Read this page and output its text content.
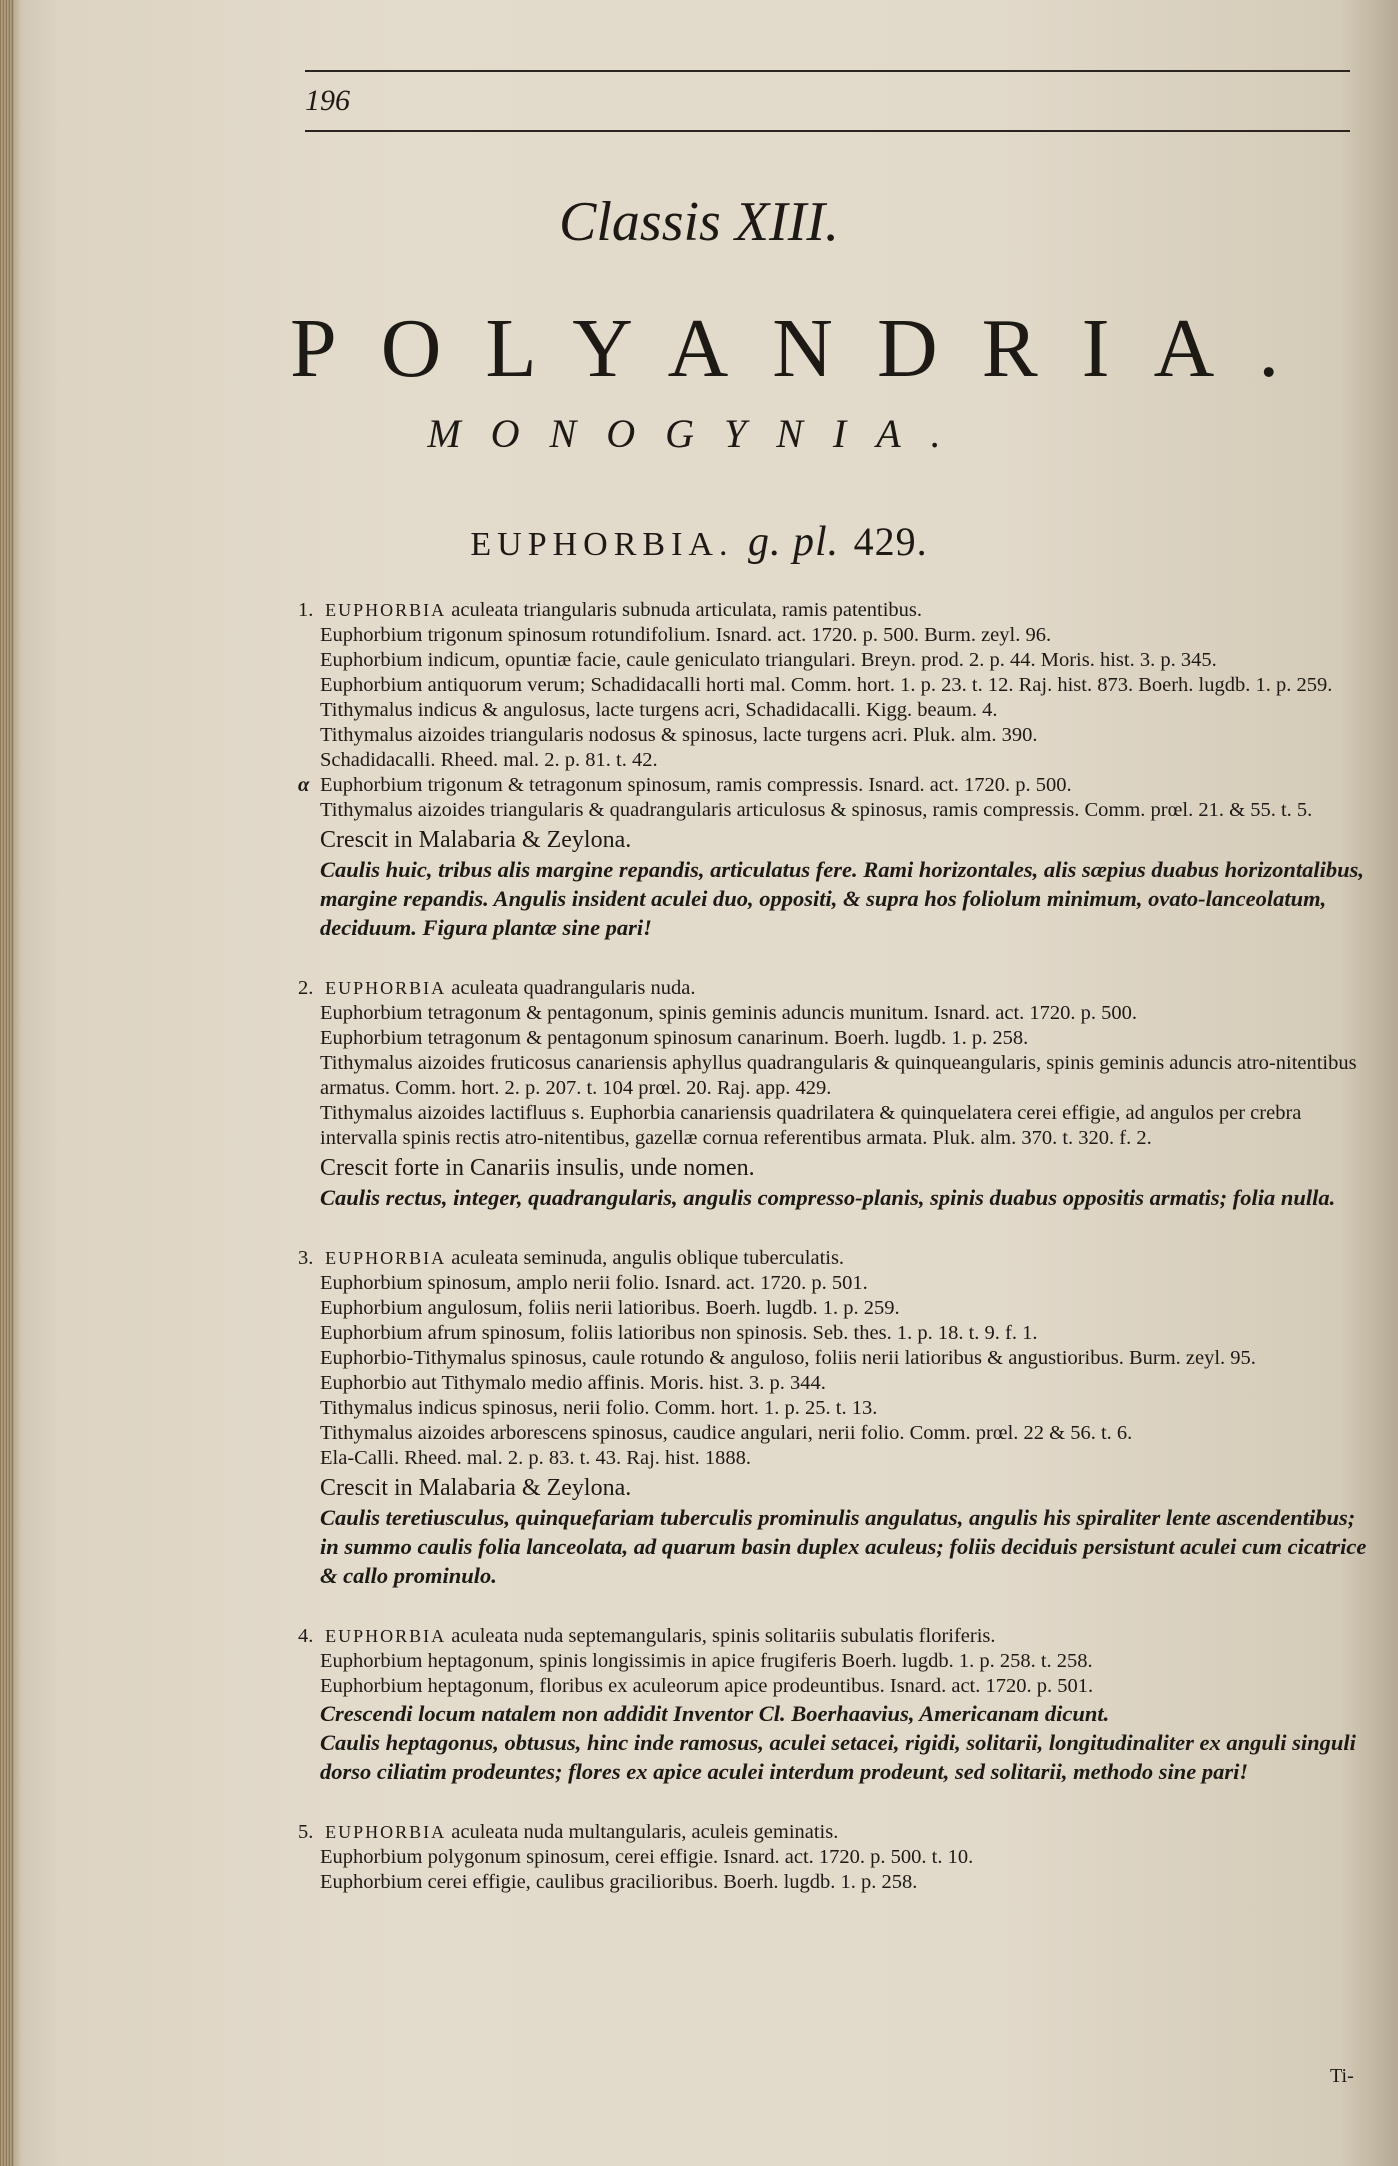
196
Classis XIII.
POLYANDRIA.
MONOGYNIA.
EUPHORBIA. g. pl. 429.
1. EUPHORBIA aculeata triangularis subnuda articulata, ramis patentibus.
Euphorbium trigonum spinosum rotundifolium. Isnard. act. 1720. p. 500. Burm. zeyl. 96.
Euphorbium indicum, opuntiæ facie, caule geniculato triangulari. Breyn. prod. 2. p. 44. Moris. hist. 3. p. 345.
Euphorbium antiquorum verum; Schadidacalli horti mal. Comm. hort. 1. p. 23. t. 12. Raj. hist. 873. Boerh. lugdb. 1. p. 259.
Tithymalus indicus & angulosus, lacte turgens acri, Schadidacalli. Kigg. beaum. 4.
Tithymalus aizoides triangularis nodosus & spinosus, lacte turgens acri. Pluk. alm. 390.
Schadidacalli. Rheed. mal. 2. p. 81. t. 42.
α Euphorbium trigonum & tetragonum spinosum, ramis compressis. Isnard. act. 1720. p. 500.
Tithymalus aizoides triangularis & quadrangularis articulosus & spinosus, ramis compressis. Comm. prœl. 21. & 55. t. 5.
Crescit in Malabaria & Zeylona.
Caulis huic, tribus alis margine repandis, articulatus fere. Rami horizontales, alis sæpius duabus horizontalibus, margine repandis. Angulis insident aculei duo, oppositi, & supra hos foliolum minimum, ovato-lanceolatum, deciduum. Figura plantæ sine pari!
2. EUPHORBIA aculeata quadrangularis nuda.
Euphorbium tetragonum & pentagonum, spinis geminis aduncis munitum. Isnard. act. 1720. p. 500.
Euphorbium tetragonum & pentagonum spinosum canarinum. Boerh. lugdb. 1. p. 258.
Tithymalus aizoides fruticosus canariensis aphyllus quadrangularis & quinqueangularis, spinis geminis aduncis atro-nitentibus armatus. Comm. hort. 2. p. 207. t. 104 prœl. 20. Raj. app. 429.
Tithymalus aizoides lactifluus s. Euphorbia canariensis quadrilatera & quinquelatera cerei effigie, ad angulos per crebra intervalla spinis rectis atro-nitentibus, gazellæ cornua referentibus armata. Pluk. alm. 370. t. 320. f. 2.
Crescit forte in Canariis insulis, unde nomen.
Caulis rectus, integer, quadrangularis, angulis compresso-planis, spinis duabus oppositis armatis; folia nulla.
3. EUPHORBIA aculeata seminuda, angulis oblique tuberculatis.
Euphorbium spinosum, amplo nerii folio. Isnard. act. 1720. p. 501.
Euphorbium angulosum, foliis nerii latioribus. Boerh. lugdb. 1. p. 259.
Euphorbium afrum spinosum, foliis latioribus non spinosis. Seb. thes. 1. p. 18. t. 9. f. 1.
Euphorbio-Tithymalus spinosus, caule rotundo & anguloso, foliis nerii latioribus & angustioribus. Burm. zeyl. 95.
Euphorbio aut Tithymalo medio affinis. Moris. hist. 3. p. 344.
Tithymalus indicus spinosus, nerii folio. Comm. hort. 1. p. 25. t. 13.
Tithymalus aizoides arborescens spinosus, caudice angulari, nerii folio. Comm. prœl. 22 & 56. t. 6.
Ela-Calli. Rheed. mal. 2. p. 83. t. 43. Raj. hist. 1888.
Crescit in Malabaria & Zeylona.
Caulis teretiusculus, quinquefariam tuberculis prominulis angulatus, angulis his spiraliter lente ascendentibus; in summo caulis folia lanceolata, ad quarum basin duplex aculeus; foliis deciduis persistunt aculei cum cicatrice & callo prominulo.
4. EUPHORBIA aculeata nuda septemangularis, spinis solitariis subulatis floriferis.
Euphorbium heptagonum, spinis longissimis in apice frugiferis Boerh. lugdb. 1. p. 258. t. 258.
Euphorbium heptagonum, floribus ex aculeorum apice prodeuntibus. Isnard. act. 1720. p. 501.
Crescendi locum natalem non addidit Inventor Cl. Boerhaavius, Americanam dicunt.
Caulis heptagonus, obtusus, hinc inde ramosus, aculei setacei, rigidi, solitarii, longitudinaliter ex anguli singuli dorso ciliatim prodeuntes; flores ex apice aculei interdum prodeunt, sed solitarii, methodo sine pari!
5. EUPHORBIA aculeata nuda multangularis, aculeis geminatis.
Euphorbium polygonum spinosum, cerei effigie. Isnard. act. 1720. p. 500. t. 10.
Euphorbium cerei effigie, caulibus gracilioribus. Boerh. lugdb. 1. p. 258.
Ti-
